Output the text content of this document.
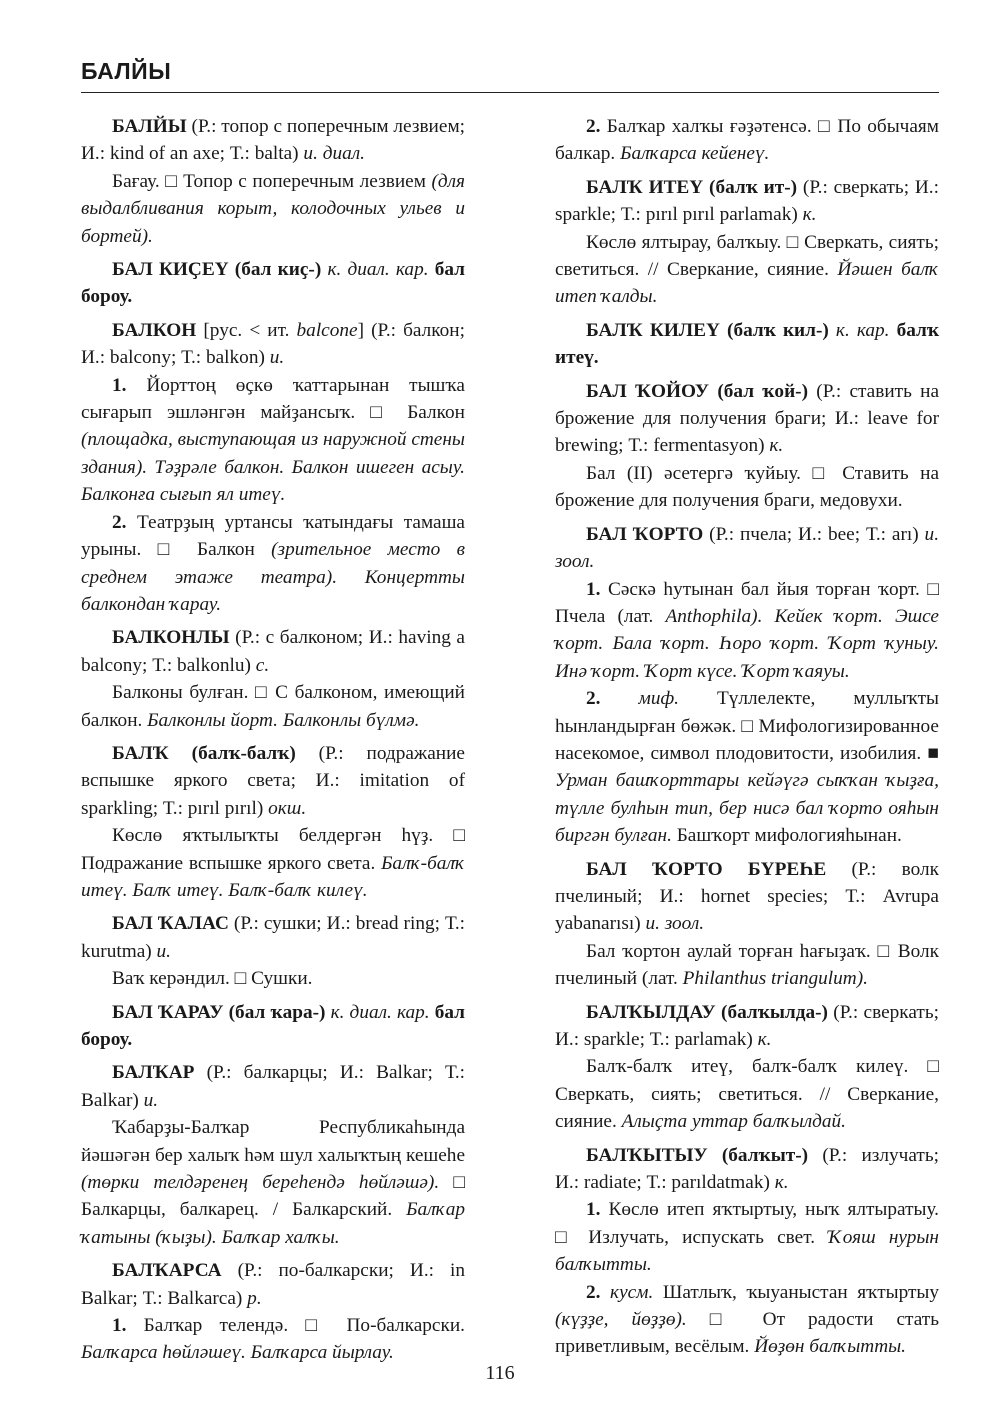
БАЛЙЫ

БАЛЙЫ (Р.: топор с поперечным лезвием; И.: kind of an axe; Т.: balta) и. диал.

Бағау. □ Топор с поперечным лезвием (для выдалбливания корыт, колодочных ульев и бортей).

БАЛ КИҪЕҮ (бал киҫ-) к. диал. кар. бал бороу.

БАЛКОН [рус. < ит. balcone] (Р.: балкон; И.: balcony; Т.: balkon) и.

1. Йорттоң өҫкө ҡаттарынан тышҡа сығарып эшләнгән майҙансыҡ. □ Балкон (площадка, выступающая из наружной стены здания). Тәҙрәле балкон. Балкон ишеген асыу. Балконға сығып ял итеү.

2. Театрҙың уртансы ҡатындағы тамаша урыны. □ Балкон (зрительное место в среднем этаже театра). Концертты балкондан ҡарау.

БАЛКОНЛЫ (Р.: с балконом; И.: having a balcony; Т.: balkonlu) с.

Балконы булған. □ С балконом, имеющий балкон. Балконлы йорт. Балконлы бүлмә.

БАЛҠ (балҡ-балҡ) (Р.: подражание вспышке яркого света; И.: imitation of sparkling; Т.: pırıl pırıl) окш.

Көслө яҡтылыҡты белдергән һүҙ. □ Подражание вспышке яркого света. Балҡ-балҡ итеү. Балҡ итеү. Балҡ-балҡ килеү.

БАЛ ҠАЛАС (Р.: сушки; И.: bread ring; Т.: kurutma) и.

Ваҡ керәндил. □ Сушки.

БАЛ ҠАРАУ (бал ҡара-) к. диал. кар. бал бороу.

БАЛҠАР (Р.: балкарцы; И.: Balkar; Т.: Balkar) и.

Ҡабарҙы-Балҡар Республикаһында йәшәгән бер халыҡ һәм шул халыҡтың кешеһе (төрки телдәренең береһендә һөйләшә). □ Балкарцы, балкарец. / Балкарский. Балҡар ҡатыны (ҡыҙы). Балҡар халҡы.

БАЛҠАРСА (Р.: по-балкарски; И.: in Balkar; Т.: Balkarca) р.

1. Балҡар телендә. □ По-балкарски. Балҡарса һөйләшеү. Балҡарса йырлау.

2. Балҡар халҡы ғәҙәтенсә. □ По обычаям балкар. Балҡарса кейенеү.

БАЛҠ ИТЕҮ (балҡ ит-) (Р.: сверкать; И.: sparkle; Т.: pırıl pırıl parlamak) к.

Көслө ялтырау, балҡыу. □ Сверкать, сиять; светиться. // Сверкание, сияние. Йәшен балҡ итеп ҡалды.

БАЛҠ КИЛЕҮ (балҡ кил-) к. кар. балҡ итеү.

БАЛ ҠОЙОУ (бал ҡой-) (Р.: ставить на брожение для получения браги; И.: leave for brewing; Т.: fermentasyon) к.

Бал (II) әсетергә ҡуйыу. □ Ставить на брожение для получения браги, медовухи.

БАЛ ҠОРТО (Р.: пчела; И.: bee; Т.: arı) и. зоол.

1. Сәскә һутынан бал йыя торған ҡорт. □ Пчела (лат. Anthophila). Кейек ҡорт. Эшсе ҡорт. Бала ҡорт. Һоро ҡорт. Ҡорт ҡуныу. Инә ҡорт. Ҡорт күсе. Ҡорт ҡаяуы.

2. миф. Түллелекте, муллыҡты һынландырған бөжәк. □ Мифологизированное насекомое, символ плодовитости, изобилия. ■ Урман башҡорттары кейәүгә сыҡҡан ҡыҙға, түлле булһын тип, бер нисә бал ҡорто ояһын биргән булған. Башҡорт мифологияһынан.

БАЛ ҠОРТО БҮРЕҺЕ (Р.: волк пчелиный; И.: hornet species; Т.: Avrupa yabanarısı) и. зоол.

Бал ҡортон аулай торған һағыҙаҡ. □ Волк пчелиный (лат. Philanthus triangulum).

БАЛҠЫЛДАУ (балҡылда-) (Р.: сверкать; И.: sparkle; Т.: parlamak) к.

Балҡ-балҡ итеү, балҡ-балҡ килеү. □ Сверкать, сиять; светиться. // Сверкание, сияние. Алыҫта уттар балҡылдай.

БАЛҠЫТЫУ (балҡыт-) (Р.: излучать; И.: radiate; Т.: parıldatmak) к.

1. Көслө итеп яҡтыртыу, ныҡ ялтыратыу. □ Излучать, испускать свет. Ҡояш нурын балҡытты.

2. кусм. Шатлыҡ, ҡыуаныстан яҡтыртыу (күҙҙе, йөҙҙө). □ От радости стать приветливым, весёлым. Йөҙөн балҡытты.

116
